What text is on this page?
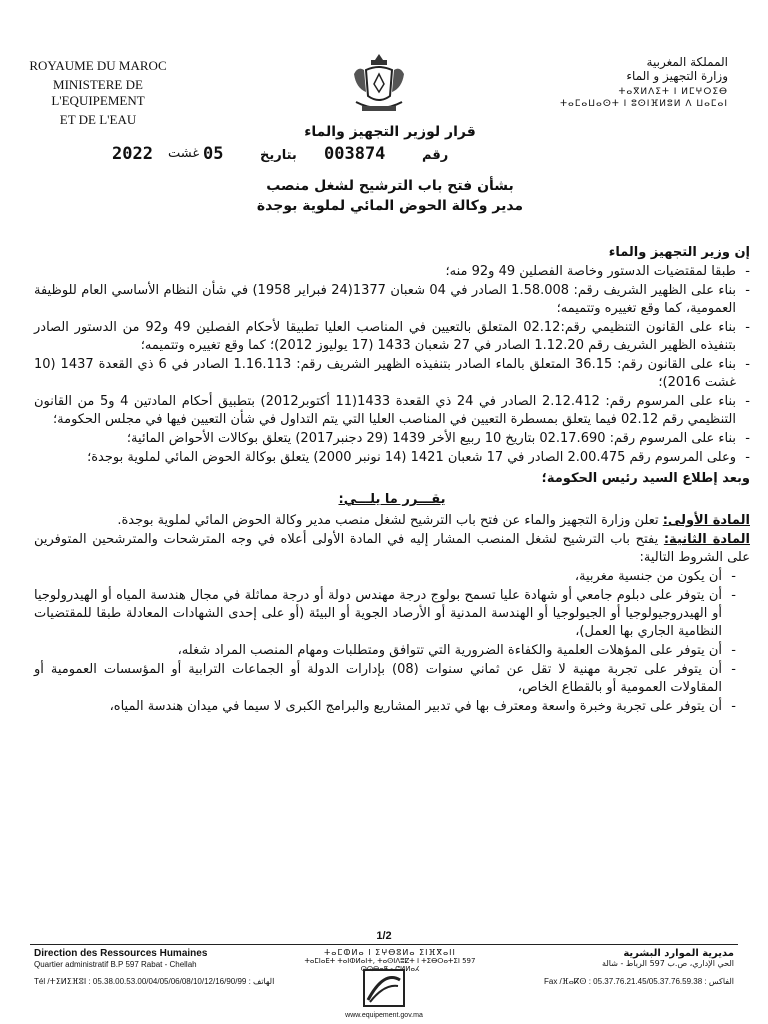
ROYAUME DU MAROC
MINISTERE DE L'EQUIPEMENT
ET DE L'EAU
المملكة المغربية
وزارة التجهيز و الماء
ⵜⴰⴳⵍⴷⵉⵜ ⵏ ⵍⵎⵖⵔⵉⴱ
ⵜⴰⵎⴰⵡⴰⵙⵜ ⵏ ⵓⵙⵏⴼⵍⵓⵍ ⴷ ⵡⴰⵎⴰⵏ
قرار لوزير التجهيز والماء
2022 غشت 05	بتاريخ 003874	رقم
بشأن فتح باب الترشيح لشغل منصب
مدير وكالة الحوض المائي لملوية بوجدة

إن وزير التجهيز والماء

- طبقا لمقتضيات الدستور وخاصة الفصلين 49 و92 منه؛

- بناء على الظهير الشريف رقم: 1.58.008 الصادر في 04 شعبان 1377(24 فبراير 1958) في شأن النظام الأساسي العام للوظيفة العمومية، كما وقع تغييره وتتميمه؛

- بناء على القانون التنظيمي رقم:02.12 المتعلق بالتعيين في المناصب العليا تطبيقا لأحكام الفصلين 49 و92 من الدستور الصادر بتنفيذه الظهير الشريف رقم 1.12.20 الصادر في 27 شعبان 1433 (17 يوليوز 2012)؛ كما وقع تغييره وتتميمه؛

- بناء على القانون رقم: 36.15 المتعلق بالماء الصادر بتنفيذه الظهير الشريف رقم: 1.16.113 الصادر في 6 ذي القعدة 1437 (10 غشت 2016)؛

- بناء على المرسوم رقم: 2.12.412 الصادر في 24 ذي القعدة 1433(11 أكتوبر2012) بتطبيق أحكام المادتين 4 و5 من القانون التنظيمي رقم 02.12 فيما يتعلق بمسطرة التعيين في المناصب العليا التي يتم التداول في شأن التعيين فيها في مجلس الحكومة؛

- بناء على المرسوم رقم: 02.17.690 بتاريخ 10 ربيع الأخر 1439 (29 دجنبر2017) يتعلق بوكالات الأحواض المائية؛

- وعلى المرسوم رقم 2.00.475 الصادر في 17 شعبان 1421 (14 نونبر 2000) يتعلق بوكالة الحوض المائي لملوية بوجدة؛

وبعد إطلاع السيد رئيس الحكومة؛

يقـــرر ما يلـــي:

المادة الأولى: تعلن وزارة التجهيز والماء عن فتح باب الترشيح لشغل منصب مدير وكالة الحوض المائي لملوية بوجدة.

المادة الثانية: يفتح باب الترشيح لشغل المنصب المشار إليه في المادة الأولى أعلاه في وجه المترشحات والمترشحين المتوفرين على الشروط التالية:

- أن يكون من جنسية مغربية،

- أن يتوفر على دبلوم جامعي أو شهادة عليا تسمح بولوج درجة مهندس دولة أو درجة مماثلة في مجال هندسة المياه أو الهيدرولوجيا أو الهيدروجيولوجيا أو الجيولوجيا أو الهندسة المدنية أو الأرصاد الجوية أو البيئة (أو على إحدى الشهادات المعادلة طبقا للمقتضيات النظامية الجاري بها العمل)،

- أن يتوفر على المؤهلات العلمية والكفاءة الضرورية التي تتوافق ومتطلبات ومهام المنصب المراد شغله،

- أن يتوفر على تجربة مهنية لا تقل عن ثماني سنوات (08) بإدارات الدولة أو الجماعات الترابية أو المؤسسات العمومية أو المقاولات العمومية أو بالقطاع الخاص،

- أن يتوفر على تجربة وخبرة واسعة ومعترف بها في تدبير المشاريع والبرامج الكبرى لا سيما في ميدان هندسة المياه،

1/2
Direction des Ressources Humaines
Quartier administratif B.P 597 Rabat - Chellah
ⵜⴰⵎⵀⵍⴰ ⵏ ⵉⵖⴱⵓⵍⴰ ⵉⵏⴼⴳⴰⵏⵏ
ⵜⴰⵎⵏⴰⴹⵜ ⵜⴰⵏⵀⵍⴰⵏⵜ, ⵜⴰⵙⵏⴷⵓⵇⵜ ⵏ ⵜⵉⴱⵔⴰⵜⵉⵏ 597 ⵕⵕⴱⴰⵟ - ⵛⵍⵍⴰⵃ
مديرية الموارد البشرية
الحي الإداري، ص.ب 597 الرباط - شالة
Tél /ⵜⵉⵍⵉⴼⵓⵏ : 05.38.00.53.00/04/05/06/08/10/12/16/90/99 : الهاتف	Fax /ⴼⴰⴽⵙ : 05.37.76.21.45/05.37.76.59.38 : الفاكس
www.equipement.gov.ma
